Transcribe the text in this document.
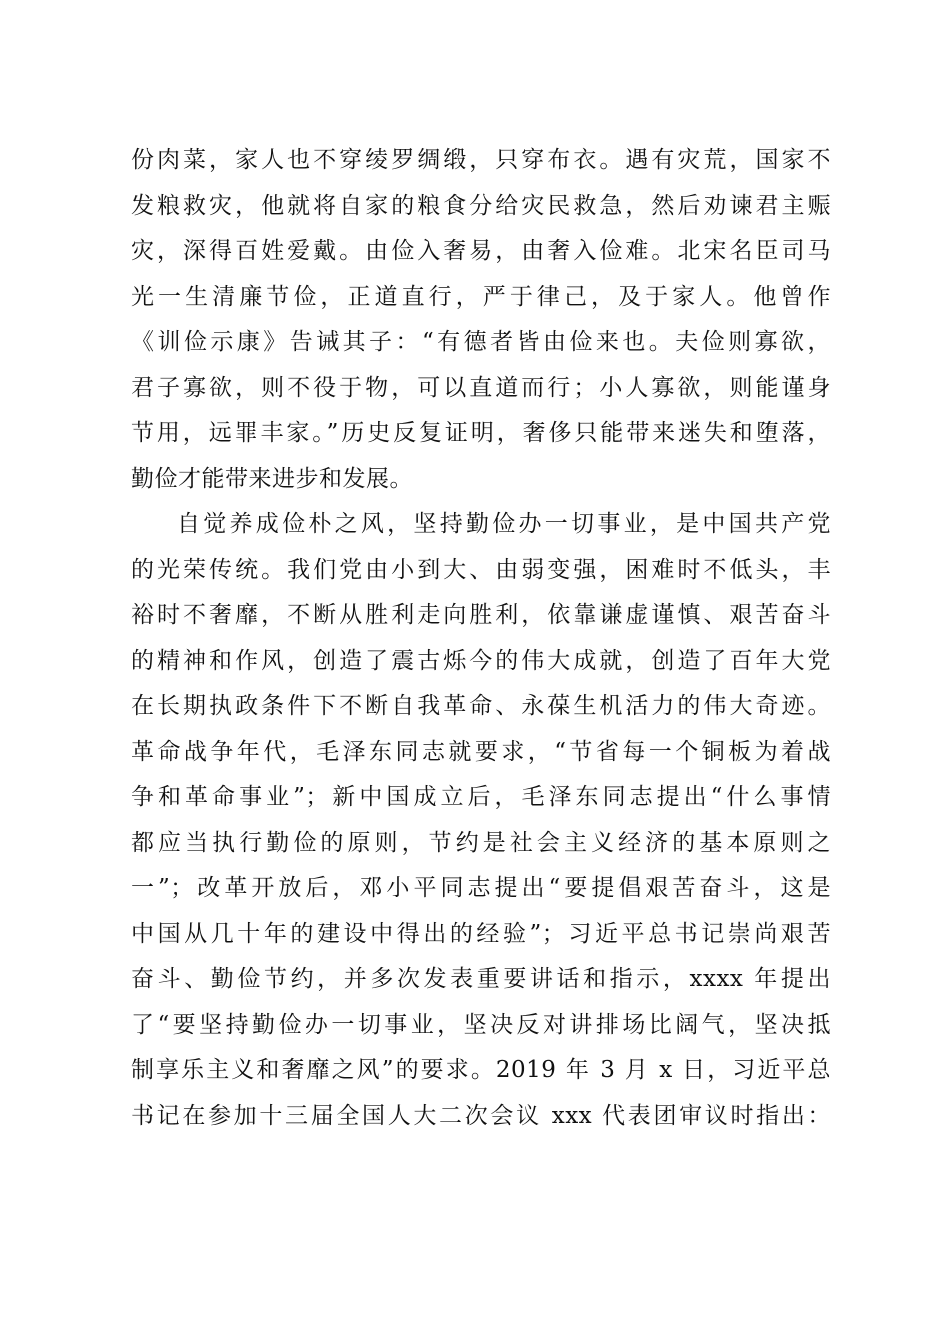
份肉菜，家人也不穿绫罗绸缎，只穿布衣。遇有灾荒，国家不
发粮救灾，他就将自家的粮食分给灾民救急，然后劝谏君主赈
灾，深得百姓爱戴。由俭入奢易，由奢入俭难。北宋名臣司马
光一生清廉节俭，正道直行，严于律己，及于家人。他曾作
《训俭示康》告诫其子：“有德者皆由俭来也。夫俭则寡欲，
君子寡欲，则不役于物，可以直道而行；小人寡欲，则能谨身
节用，远罪丰家。”历史反复证明，奢侈只能带来迷失和堕落，
勤俭才能带来进步和发展。
自觉养成俭朴之风，坚持勤俭办一切事业，是中国共产党
的光荣传统。我们党由小到大、由弱变强，困难时不低头，丰
裕时不奢靡，不断从胜利走向胜利，依靠谦虚谨慎、艰苦奋斗
的精神和作风，创造了震古烁今的伟大成就，创造了百年大党
在长期执政条件下不断自我革命、永葆生机活力的伟大奇迹。
革命战争年代，毛泽东同志就要求，“节省每一个铜板为着战
争和革命事业”；新中国成立后，毛泽东同志提出“什么事情
都应当执行勤俭的原则，节约是社会主义经济的基本原则之
一”；改革开放后，邓小平同志提出“要提倡艰苦奋斗，这是
中国从几十年的建设中得出的经验”；习近平总书记崇尚艰苦
奋斗、勤俭节约，并多次发表重要讲话和指示，xxxx 年提出
了“要坚持勤俭办一切事业，坚决反对讲排场比阔气，坚决抵
制享乐主义和奢靡之风”的要求。2019 年 3 月 x 日，习近平总
书记在参加十三届全国人大二次会议 xxx 代表团审议时指出：
